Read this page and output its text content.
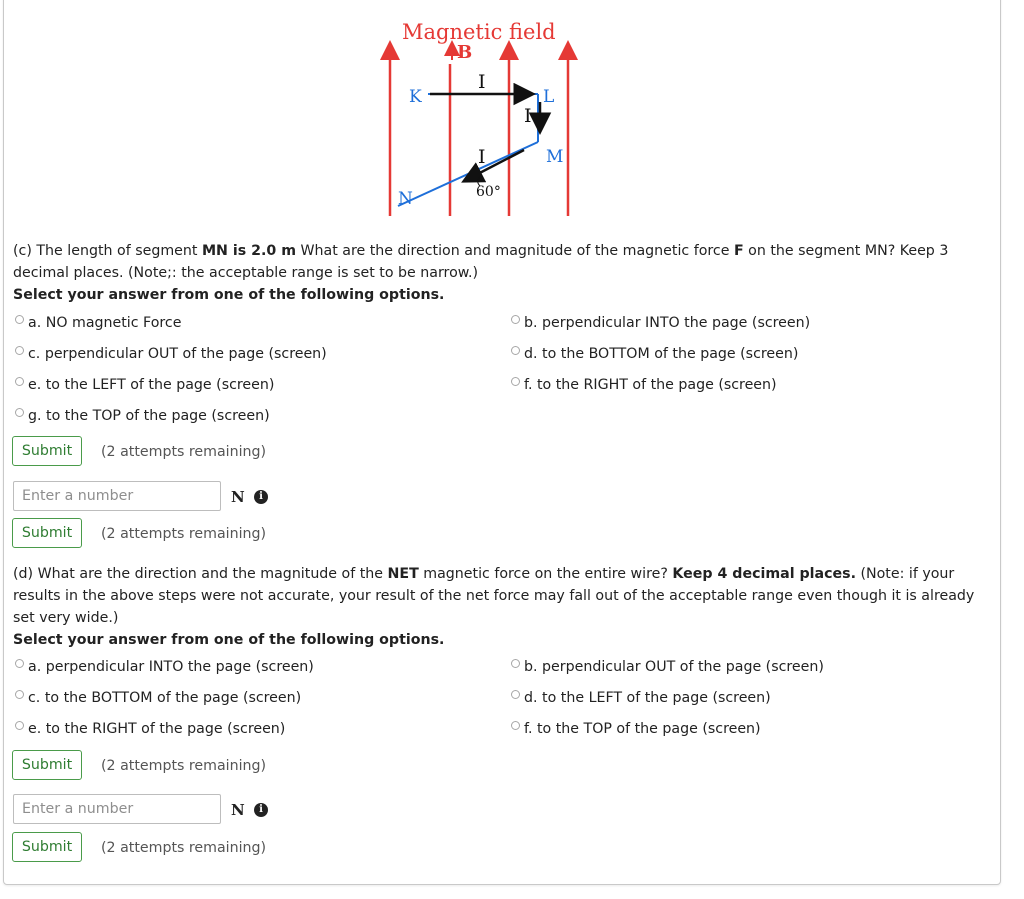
Magnetic field
B
K	L
M
N
I
I
I
60°
(c) The length of segment MN is 2.0 m What are the direction and magnitude of the magnetic force F on the segment MN? Keep 3
decimal places. (Note;: the acceptable range is set to be narrow.)
Select your answer from one of the following options.
a. NO magnetic Force	b. perpendicular INTO the page (screen)
c. perpendicular OUT of the page (screen)	d. to the BOTTOM of the page (screen)
e. to the LEFT of the page (screen)	f. to the RIGHT of the page (screen)
g. to the TOP of the page (screen)
Submit	(2 attempts remaining)
Enter a number
N	i
Submit	(2 attempts remaining)
(d) What are the direction and the magnitude of the NET magnetic force on the entire wire? Keep 4 decimal places. (Note: if your
results in the above steps were not accurate, your result of the net force may fall out of the acceptable range even though it is already
set very wide.)
Select your answer from one of the following options.
a. perpendicular INTO the page (screen)	b. perpendicular OUT of the page (screen)
c. to the BOTTOM of the page (screen)	d. to the LEFT of the page (screen)
e. to the RIGHT of the page (screen)	f. to the TOP of the page (screen)
Submit	(2 attempts remaining)
Enter a number
N	i
Submit	(2 attempts remaining)
